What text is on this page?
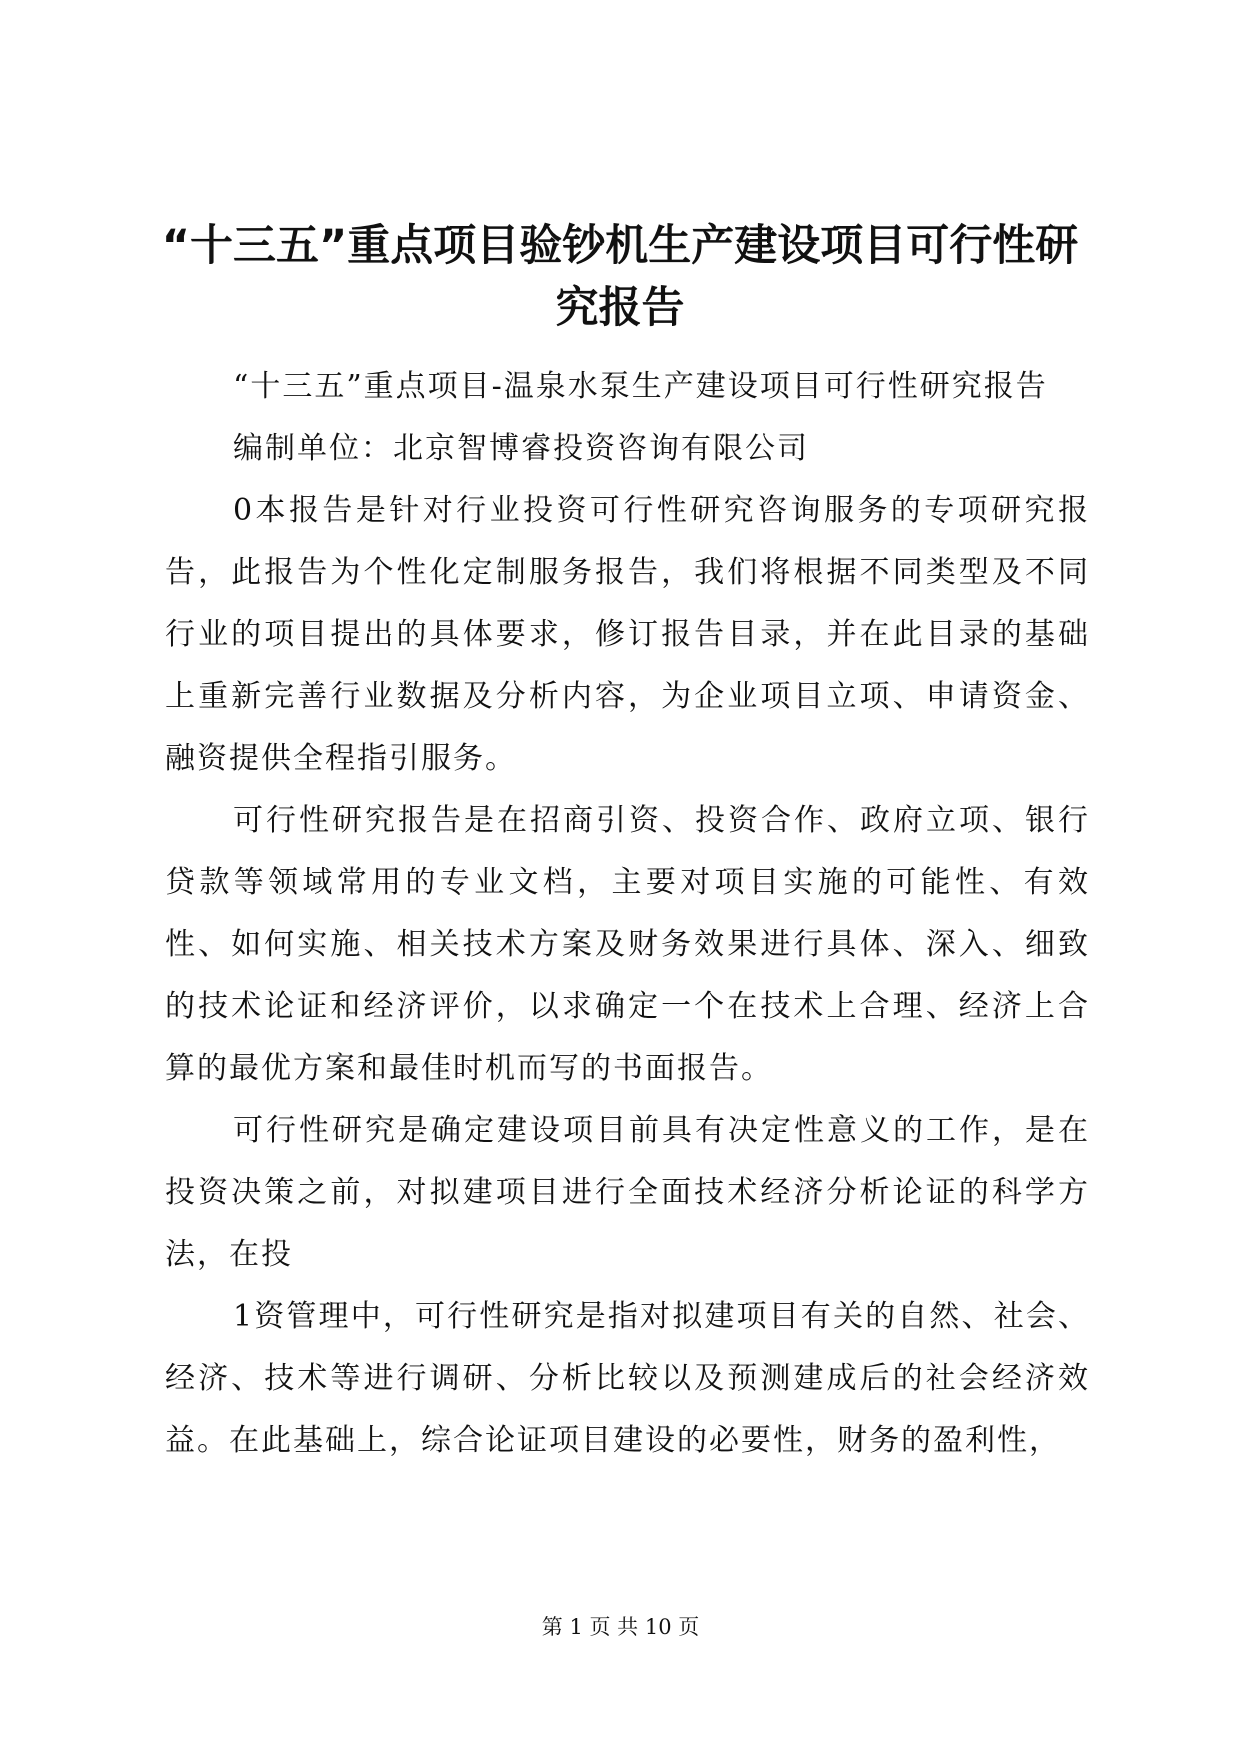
“十三五”重点项目验钞机生产建设项目可行性研究报告

“十三五”重点项目-温泉水泵生产建设项目可行性研究报告

编制单位：北京智博睿投资咨询有限公司

0本报告是针对行业投资可行性研究咨询服务的专项研究报告，此报告为个性化定制服务报告，我们将根据不同类型及不同行业的项目提出的具体要求，修订报告目录，并在此目录的基础上重新完善行业数据及分析内容，为企业项目立项、申请资金、融资提供全程指引服务。

可行性研究报告是在招商引资、投资合作、政府立项、银行贷款等领域常用的专业文档，主要对项目实施的可能性、有效性、如何实施、相关技术方案及财务效果进行具体、深入、细致的技术论证和经济评价，以求确定一个在技术上合理、经济上合算的最优方案和最佳时机而写的书面报告。

可行性研究是确定建设项目前具有决定性意义的工作，是在投资决策之前，对拟建项目进行全面技术经济分析论证的科学方法，在投

1资管理中，可行性研究是指对拟建项目有关的自然、社会、经济、技术等进行调研、分析比较以及预测建成后的社会经济效益。在此基础上，综合论证项目建设的必要性，财务的盈利性，

第 1 页 共 10 页
